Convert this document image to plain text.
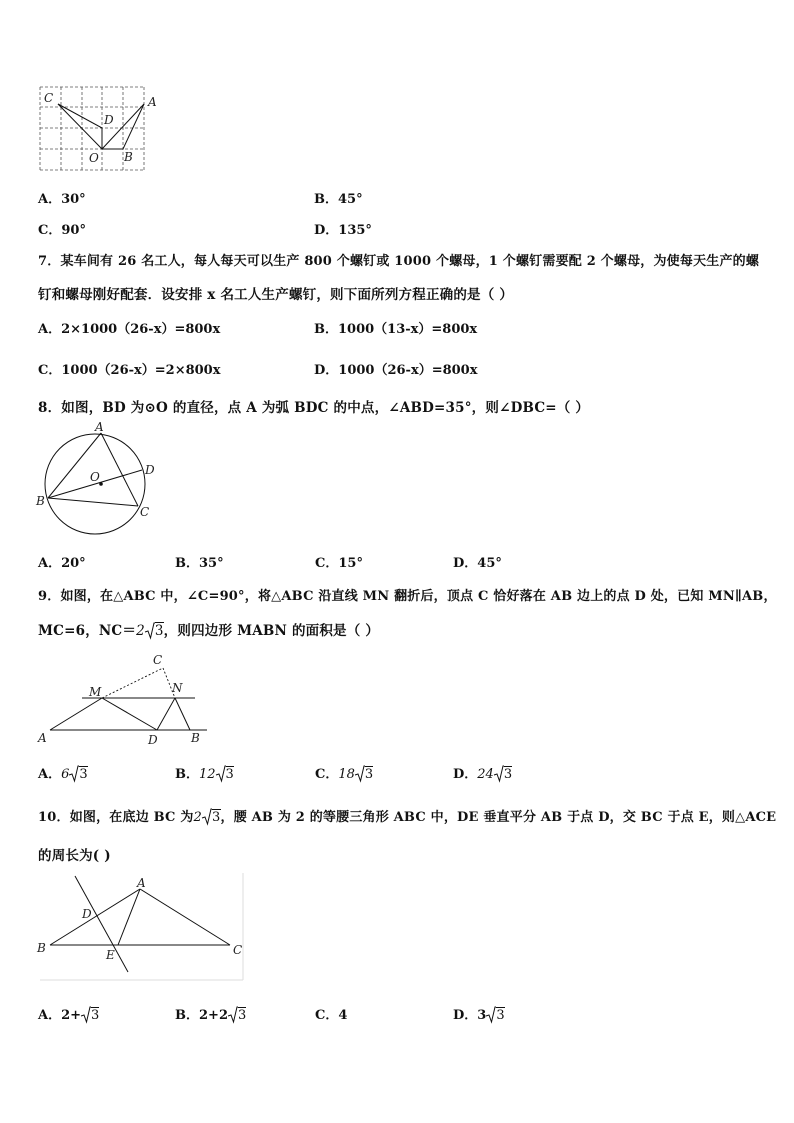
C	A
D
O B
A．30°	B．45°
C．90°	D．135°
7．某车间有 26 名工人，每人每天可以生产 800 个螺钉或 1000 个螺母，1 个螺钉需要配 2 个螺母，为使每天生产的螺
钉和螺母刚好配套．设安排 x 名工人生产螺钉，则下面所列方程正确的是（ ）
A．2×1000（26-x）=800x	B．1000（13-x）=800x
C．1000（26-x）=2×800x	D．1000（26-x）=800x
8．如图，BD 为⊙O 的直径，点 A 为弧 BDC 的中点，∠ABD=35°，则∠DBC=（ ）
A
O	D
B
C
A．20°	B．35°	C．15°	D．45°
9．如图，在△ABC 中，∠C=90°，将△ABC 沿直线 MN 翻折后，顶点 C 恰好落在 AB 边上的点 D 处，已知 MN∥AB，
MC=6，NC＝2 3，则四边形 MABN 的面积是（ ）
C
M	N
A	D	B
A．6 3	B．12 3	C．18 3	D．24 3
10．如图，在底边 BC 为2 3，腰 AB 为 2 的等腰三角形 ABC 中，DE 垂直平分 AB 于点 D，交 BC 于点 E，则△ACE
的周长为( )
A
D
B	E	C
A．2+ 3	B．2+2 3	C．4	D．3 3
